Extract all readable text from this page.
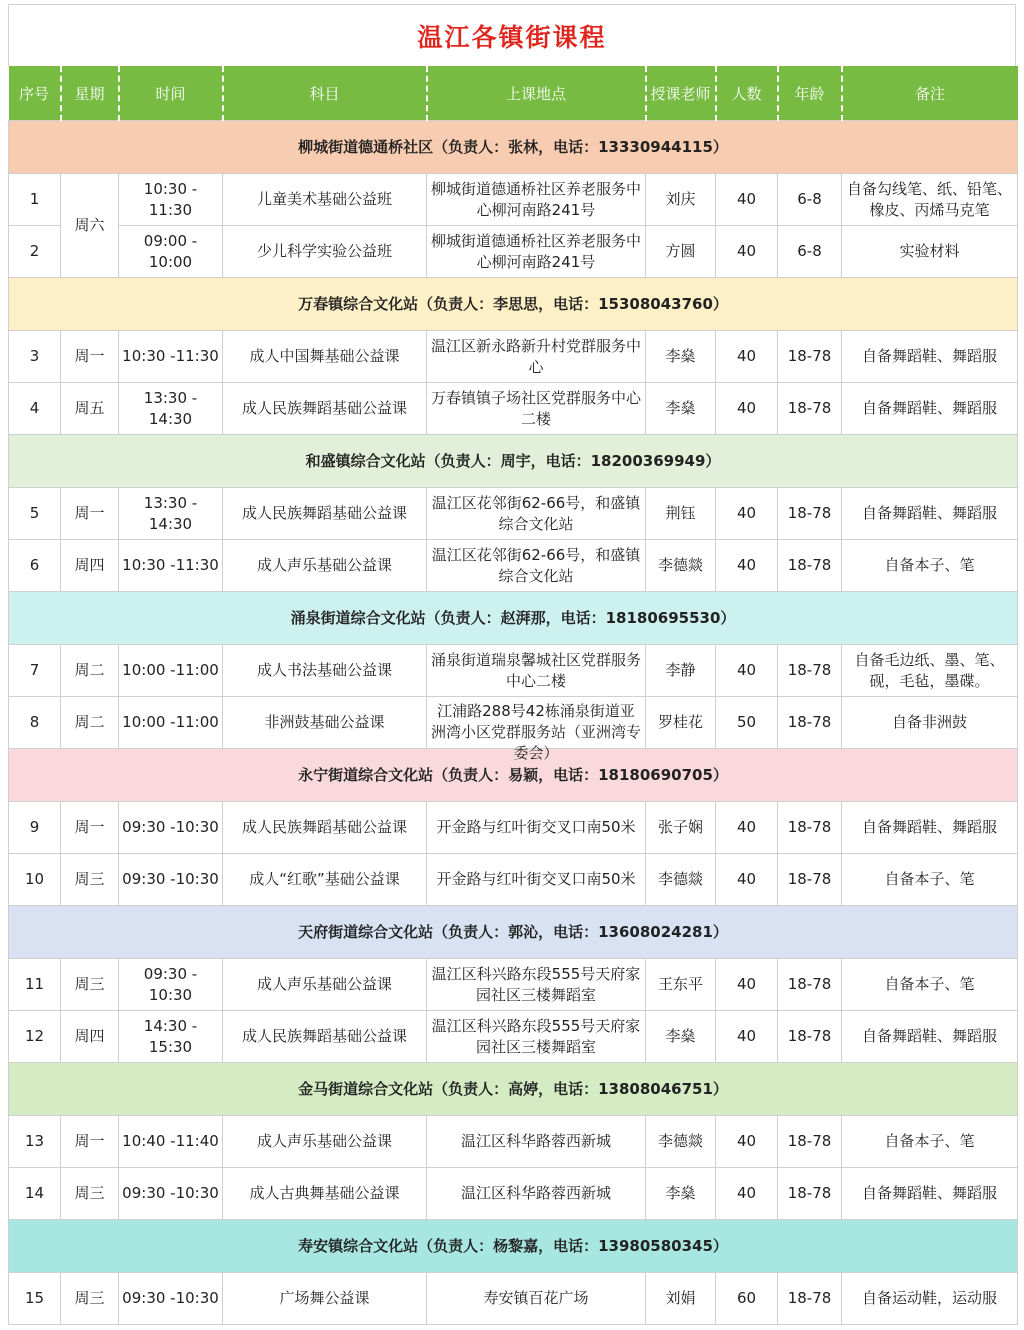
温江各镇街课程
序号	星期	时间	科目	上课地点	授课老师	人数	年龄	备注
柳城街道德通桥社区（负责人：张林，电话：13330944115）								
1	周六	10:30 - 11:30	儿童美术基础公益班	柳城街道德通桥社区养老服务中心柳河南路241号	刘庆	40	6-8	自备勾线笔、纸、铅笔、橡皮、丙烯马克笔
2		09:00 - 10:00	少儿科学实验公益班	柳城街道德通桥社区养老服务中心柳河南路241号	方圆	40	6-8	实验材料
万春镇综合文化站（负责人：李思思，电话：15308043760）								
3	周一	10:30 -11:30	成人中国舞基础公益课	温江区新永路新升村党群服务中心	李燊	40	18-78	自备舞蹈鞋、舞蹈服
4	周五	13:30 - 14:30	成人民族舞蹈基础公益课	万春镇镇子场社区党群服务中心二楼	李燊	40	18-78	自备舞蹈鞋、舞蹈服
和盛镇综合文化站（负责人：周宇，电话：18200369949）								
5	周一	13:30 - 14:30	成人民族舞蹈基础公益课	温江区花邻街62-66号，和盛镇综合文化站	荆钰	40	18-78	自备舞蹈鞋、舞蹈服
6	周四	10:30 -11:30	成人声乐基础公益课	温江区花邻街62-66号，和盛镇综合文化站	李德燚	40	18-78	自备本子、笔
涌泉街道综合文化站（负责人：赵湃那，电话：18180695530）								
7	周二	10:00 -11:00	成人书法基础公益课	涌泉街道瑞泉馨城社区党群服务中心二楼	李静	40	18-78	自备毛边纸、墨、笔、砚，毛毡，墨碟。
8	周二	10:00 -11:00	非洲鼓基础公益课	江浦路288号42栋涌泉街道亚洲湾小区党群服务站（亚洲湾专委会）	罗桂花	50	18-78	自备非洲鼓
永宁街道综合文化站（负责人：易颖，电话：18180690705）								
9	周一	09:30 -10:30	成人民族舞蹈基础公益课	开金路与红叶街交叉口南50米	张子娴	40	18-78	自备舞蹈鞋、舞蹈服
10	周三	09:30 -10:30	成人“红歌”基础公益课	开金路与红叶街交叉口南50米	李德燚	40	18-78	自备本子、笔
天府街道综合文化站（负责人：郭沁，电话：13608024281）								
11	周三	09:30 - 10:30	成人声乐基础公益课	温江区科兴路东段555号天府家园社区三楼舞蹈室	王东平	40	18-78	自备本子、笔
12	周四	14:30 - 15:30	成人民族舞蹈基础公益课	温江区科兴路东段555号天府家园社区三楼舞蹈室	李燊	40	18-78	自备舞蹈鞋、舞蹈服
金马街道综合文化站（负责人：高婷，电话：13808046751）								
13	周一	10:40 -11:40	成人声乐基础公益课	温江区科华路蓉西新城	李德燚	40	18-78	自备本子、笔
14	周三	09:30 -10:30	成人古典舞基础公益课	温江区科华路蓉西新城	李燊	40	18-78	自备舞蹈鞋、舞蹈服
寿安镇综合文化站（负责人：杨黎嘉，电话：13980580345）								
15	周三	09:30 -10:30	广场舞公益课	寿安镇百花广场	刘娟	60	18-78	自备运动鞋，运动服
